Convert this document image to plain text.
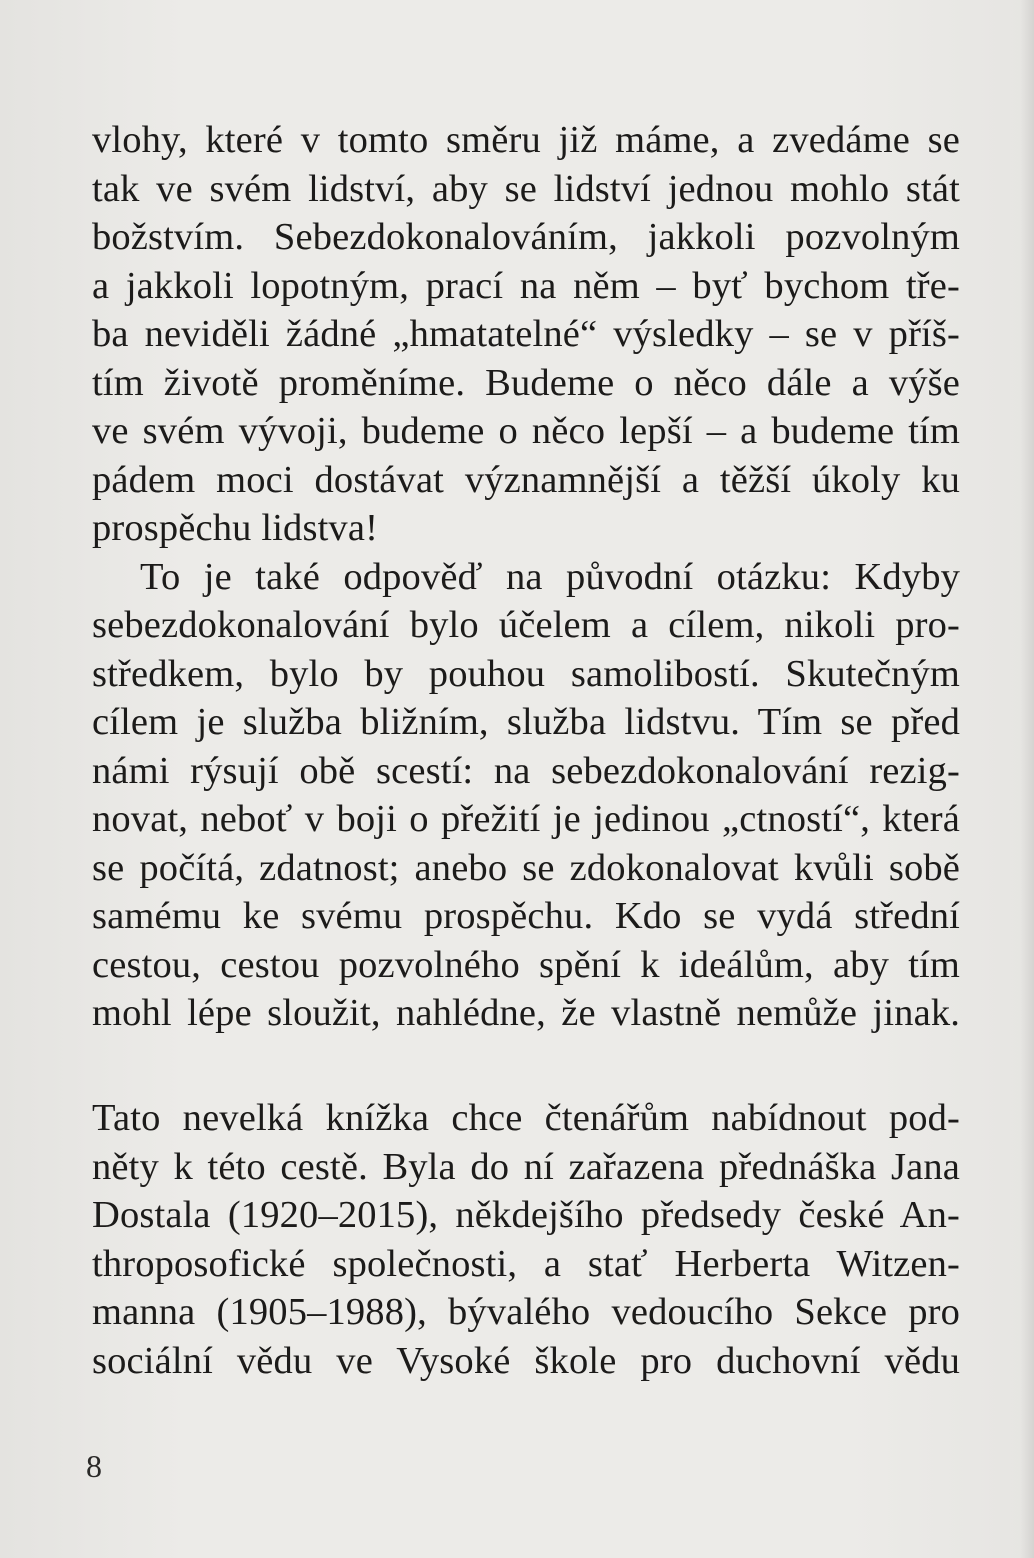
vlohy, které v tomto směru již máme, a zvedáme se
tak ve svém lidství, aby se lidství jednou mohlo stát
božstvím. Sebezdokonalováním, jakkoli pozvolným
a jakkoli lopotným, prací na něm – byť bychom tře-
ba neviděli žádné „hmatatelné“ výsledky – se v příš-
tím životě proměníme. Budeme o něco dále a výše
ve svém vývoji, budeme o něco lepší – a budeme tím
pádem moci dostávat významnější a těžší úkoly ku
prospěchu lidstva!
To je také odpověď na původní otázku: Kdyby
sebezdokonalování bylo účelem a cílem, nikoli pro-
středkem, bylo by pouhou samolibostí. Skutečným
cílem je služba bližním, služba lidstvu. Tím se před
námi rýsují obě scestí: na sebezdokonalování rezig-
novat, neboť v boji o přežití je jedinou „ctností“, která
se počítá, zdatnost; anebo se zdokonalovat kvůli sobě
samému ke svému prospěchu. Kdo se vydá střední
cestou, cestou pozvolného spění k ideálům, aby tím
mohl lépe sloužit, nahlédne, že vlastně nemůže jinak.
Tato nevelká knížka chce čtenářům nabídnout pod-
něty k této cestě. Byla do ní zařazena přednáška Jana
Dostala (1920–2015), někdejšího předsedy české An-
throposofické společnosti, a stať Herberta Witzen-
manna (1905–1988), bývalého vedoucího Sekce pro
sociální vědu ve Vysoké škole pro duchovní vědu
8
